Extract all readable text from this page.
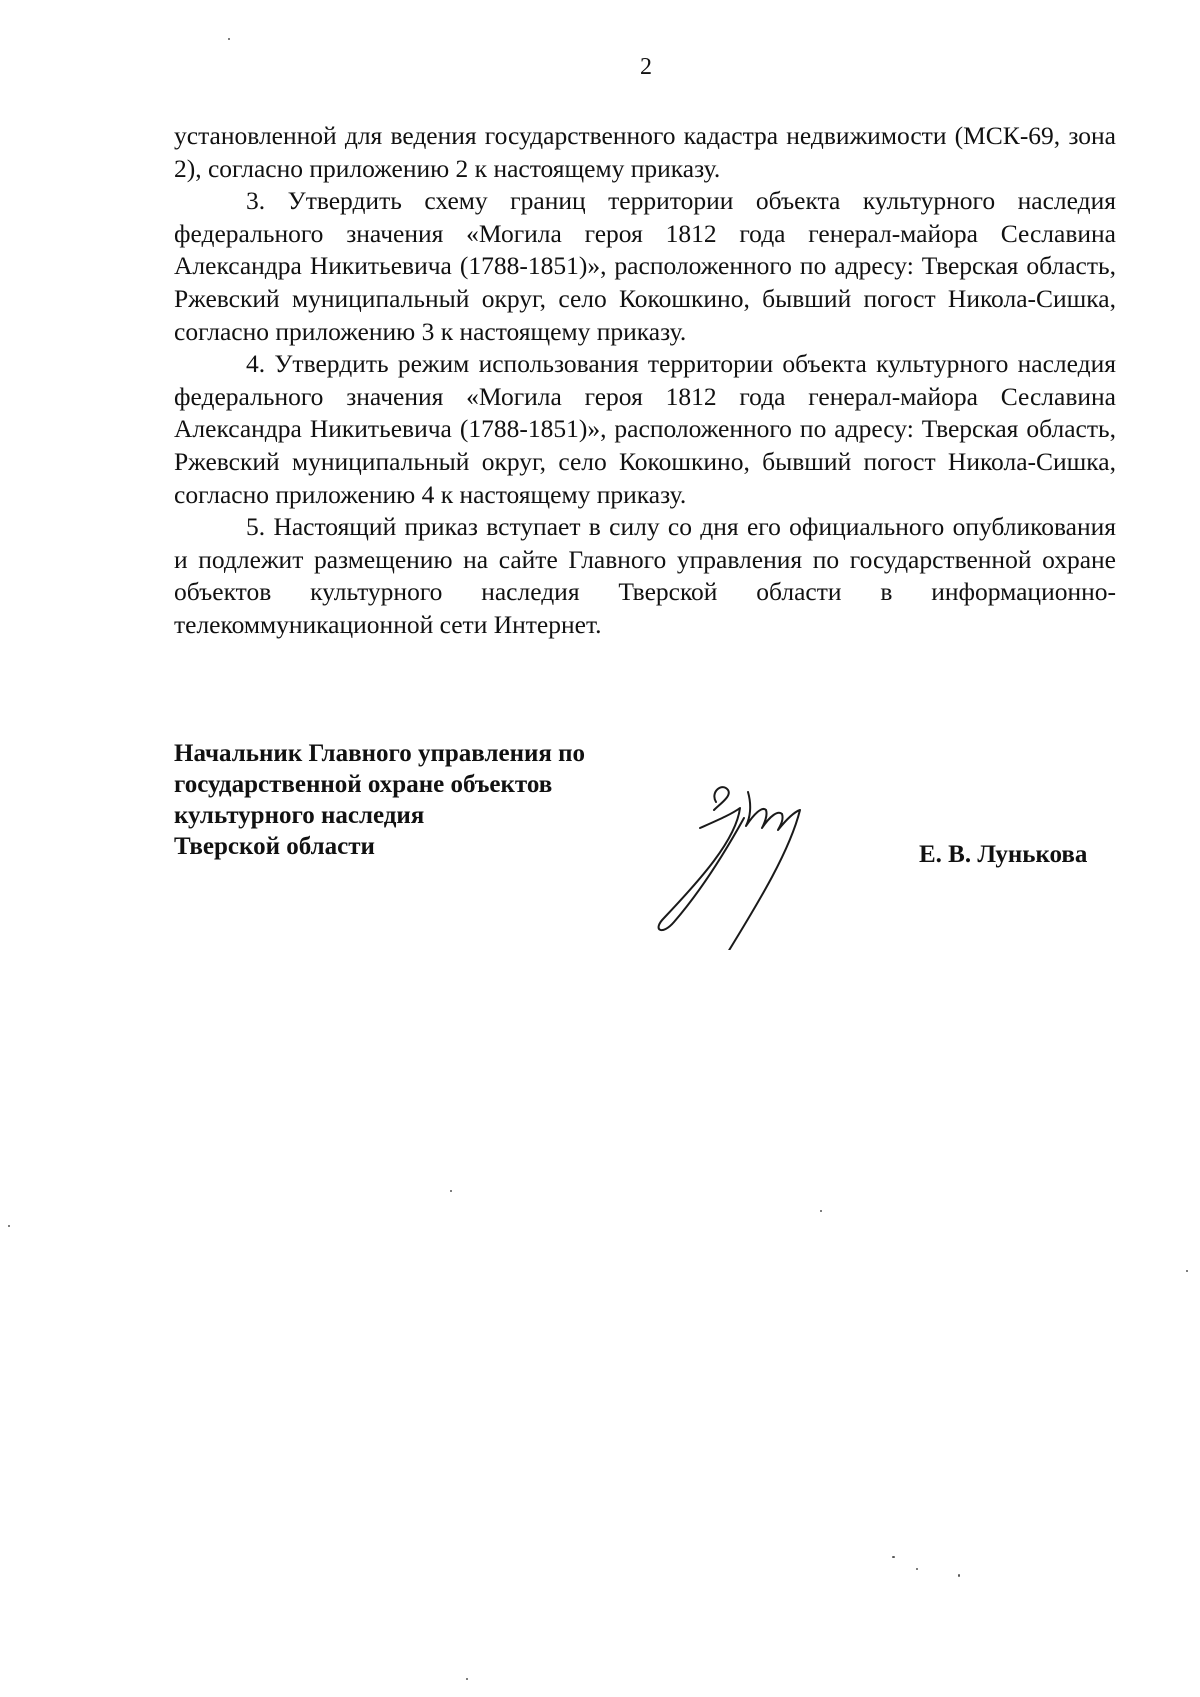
2

установленной для ведения государственного кадастра недвижимости (МСК-69, зона 2), согласно приложению 2 к настоящему приказу.

3. Утвердить схему границ территории объекта культурного наследия федерального значения «Могила героя 1812 года генерал-майора Сеславина Александра Никитьевича (1788-1851)», расположенного по адресу: Тверская область, Ржевский муниципальный округ, село Кокошкино, бывший погост Никола-Сишка, согласно приложению 3 к настоящему приказу.

4. Утвердить режим использования территории объекта культурного наследия федерального значения «Могила героя 1812 года генерал-майора Сеславина Александра Никитьевича (1788-1851)», расположенного по адресу: Тверская область, Ржевский муниципальный округ, село Кокошкино, бывший погост Никола-Сишка, согласно приложению 4 к настоящему приказу.

5. Настоящий приказ вступает в силу со дня его официального опубликования и подлежит размещению на сайте Главного управления по государственной охране объектов культурного наследия Тверской области в информационно-телекоммуникационной сети Интернет.

Начальник Главного управления по
государственной охране объектов
культурного наследия
Тверской области	Е. В. Лунькова
